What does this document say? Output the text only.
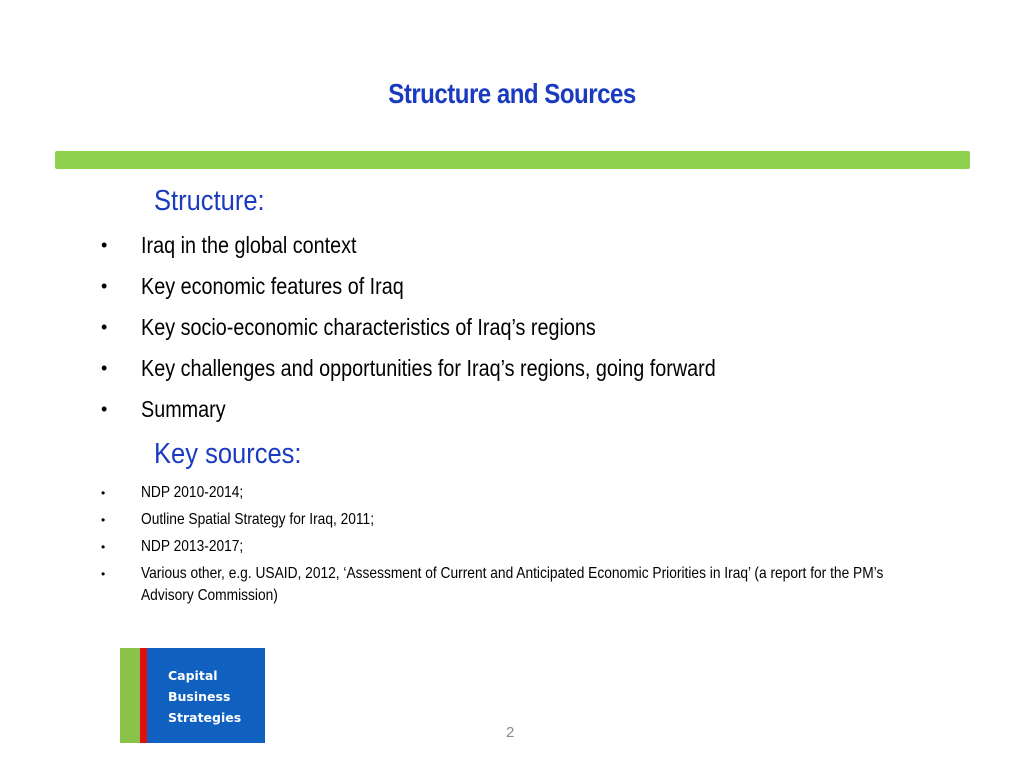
Structure and Sources
Structure:
• Iraq in the global context
• Key economic features of Iraq
• Key socio-economic characteristics of Iraq’s regions
• Key challenges and opportunities for Iraq’s regions, going forward
• Summary
Key sources:
• NDP 2010-2014;
• Outline Spatial Strategy for Iraq, 2011;
• NDP 2013-2017;
• Various other, e.g. USAID, 2012, ‘Assessment of Current and Anticipated Economic Priorities in Iraq’ (a report for the PM’s Advisory Commission)
Capital
Business
Strategies
2
